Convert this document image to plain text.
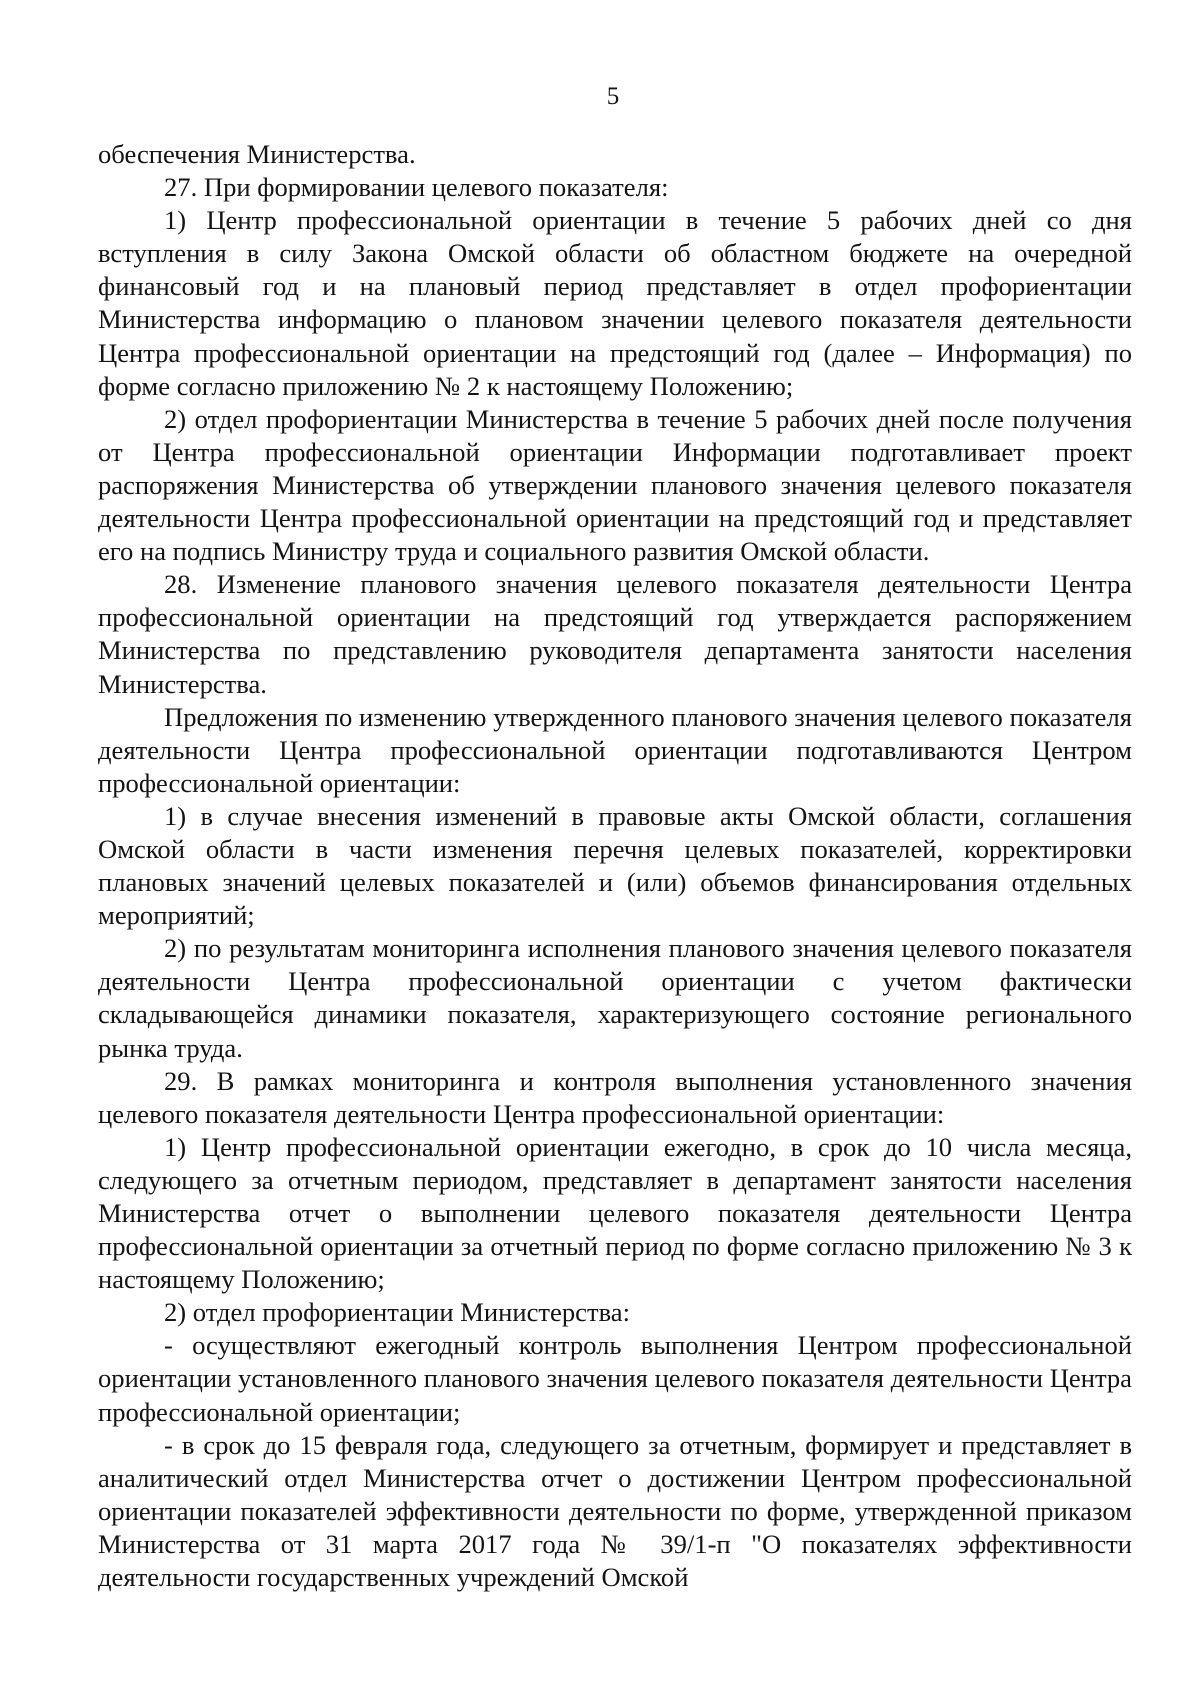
5

обеспечения Министерства.

27. При формировании целевого показателя:

1) Центр профессиональной ориентации в течение 5 рабочих дней со дня вступления в силу Закона Омской области об областном бюджете на очередной финансовый год и на плановый период представляет в отдел профориентации Министерства информацию о плановом значении целевого показателя деятельности Центра профессиональной ориентации на предстоящий год (далее – Информация) по форме согласно приложению № 2 к настоящему Положению;

2) отдел профориентации Министерства в течение 5 рабочих дней после получения от Центра профессиональной ориентации Информации подготавливает проект распоряжения Министерства об утверждении планового значения целевого показателя деятельности Центра профессиональной ориентации на предстоящий год и представляет его на подпись Министру труда и социального развития Омской области.

28. Изменение планового значения целевого показателя деятельности Центра профессиональной ориентации на предстоящий год утверждается распоряжением Министерства по представлению руководителя департамента занятости населения Министерства.

Предложения по изменению утвержденного планового значения целевого показателя деятельности Центра профессиональной ориентации подготавливаются Центром профессиональной ориентации:

1) в случае внесения изменений в правовые акты Омской области, соглашения Омской области в части изменения перечня целевых показателей, корректировки плановых значений целевых показателей и (или) объемов финансирования отдельных мероприятий;

2) по результатам мониторинга исполнения планового значения целевого показателя деятельности Центра профессиональной ориентации с учетом фактически складывающейся динамики показателя, характеризующего состояние регионального рынка труда.

29. В рамках мониторинга и контроля выполнения установленного значения целевого показателя деятельности Центра профессиональной ориентации:

1) Центр профессиональной ориентации ежегодно, в срок до 10 числа месяца, следующего за отчетным периодом, представляет в департамент занятости населения Министерства отчет о выполнении целевого показателя деятельности Центра профессиональной ориентации за отчетный период по форме согласно приложению № 3 к настоящему Положению;

2) отдел профориентации Министерства:

- осуществляют ежегодный контроль выполнения Центром профессиональной ориентации установленного планового значения целевого показателя деятельности Центра профессиональной ориентации;

- в срок до 15 февраля года, следующего за отчетным, формирует и представляет в аналитический отдел Министерства отчет о достижении Центром профессиональной ориентации показателей эффективности деятельности по форме, утвержденной приказом Министерства от 31 марта 2017 года № 39/1-п "О показателях эффективности деятельности государственных учреждений Омской
